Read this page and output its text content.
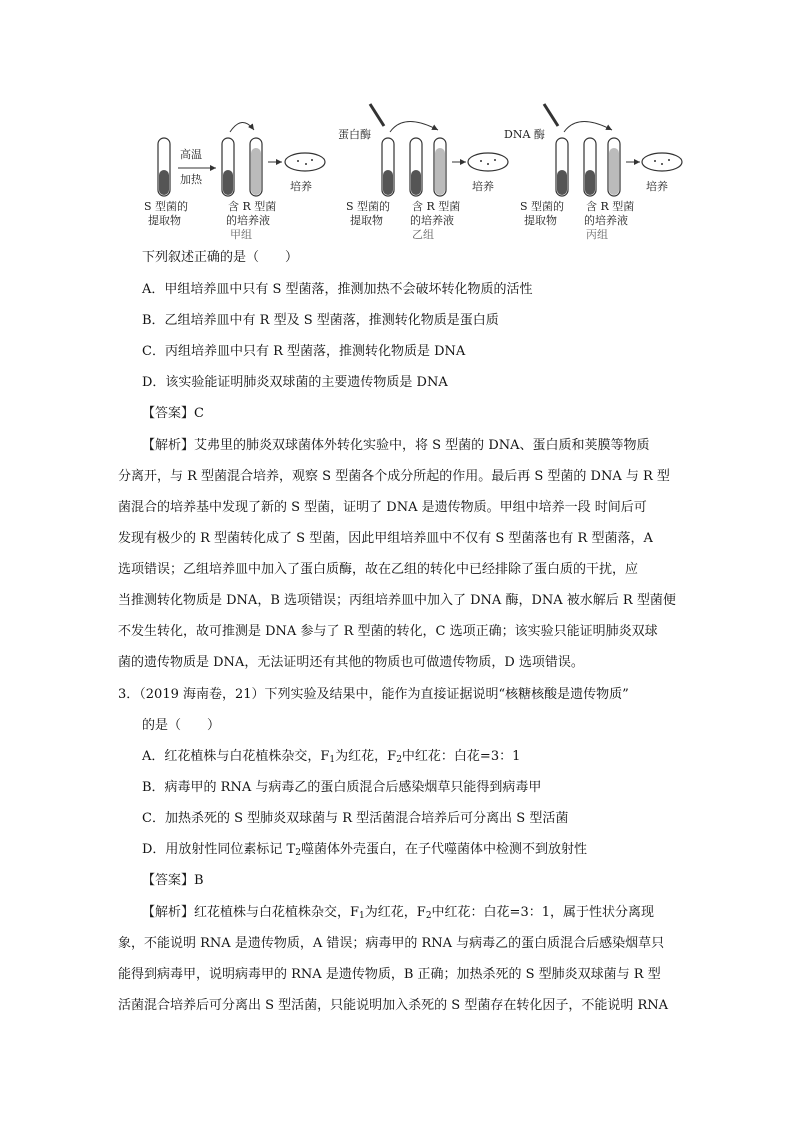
高温
加热
S 型菌的
提取物
含 R 型菌
的培养液
培养
甲组
蛋白酶
S 型菌的
提取物
含 R 型菌
的培养液
培养
乙组
DNA 酶
S 型菌的
提取物
含 R 型菌
的培养液
培养
丙组
下列叙述正确的是（　　）
A．甲组培养皿中只有 S 型菌落，推测加热不会破坏转化物质的活性
B．乙组培养皿中有 R 型及 S 型菌落，推测转化物质是蛋白质
C．丙组培养皿中只有 R 型菌落，推测转化物质是 DNA
D．该实验能证明肺炎双球菌的主要遗传物质是 DNA
【答案】C
【解析】艾弗里的肺炎双球菌体外转化实验中，将 S 型菌的 DNA、蛋白质和荚膜等物质
分离开，与 R 型菌混合培养，观察 S 型菌各个成分所起的作用。最后再 S 型菌的 DNA 与 R 型
菌混合的培养基中发现了新的 S 型菌，证明了 DNA 是遗传物质。甲组中培养一段 时间后可
发现有极少的 R 型菌转化成了 S 型菌，因此甲组培养皿中不仅有 S 型菌落也有 R 型菌落，A
选项错误；乙组培养皿中加入了蛋白质酶，故在乙组的转化中已经排除了蛋白质的干扰，应
当推测转化物质是 DNA，B 选项错误；丙组培养皿中加入了 DNA 酶，DNA 被水解后 R 型菌便
不发生转化，故可推测是 DNA 参与了 R 型菌的转化，C 选项正确；该实验只能证明肺炎双球
菌的遗传物质是 DNA，无法证明还有其他的物质也可做遗传物质，D 选项错误。
3．（2019 海南卷，21）下列实验及结果中，能作为直接证据说明“核糖核酸是遗传物质”
的是（　　）
A．红花植株与白花植株杂交，$F_1$为红花，$F_2$中红花：白花=3：1
B．病毒甲的 RNA 与病毒乙的蛋白质混合后感染烟草只能得到病毒甲
C．加热杀死的 S 型肺炎双球菌与 R 型活菌混合培养后可分离出 S 型活菌
D．用放射性同位素标记 $T_2$噬菌体外壳蛋白，在子代噬菌体中检测不到放射性
【答案】B
【解析】红花植株与白花植株杂交，$F_1$为红花，$F_2$中红花：白花=3：1，属于性状分离现
象，不能说明 RNA 是遗传物质，A 错误；病毒甲的 RNA 与病毒乙的蛋白质混合后感染烟草只
能得到病毒甲，说明病毒甲的 RNA 是遗传物质，B 正确；加热杀死的 S 型肺炎双球菌与 R 型
活菌混合培养后可分离出 S 型活菌，只能说明加入杀死的 S 型菌存在转化因子，不能说明 RNA
